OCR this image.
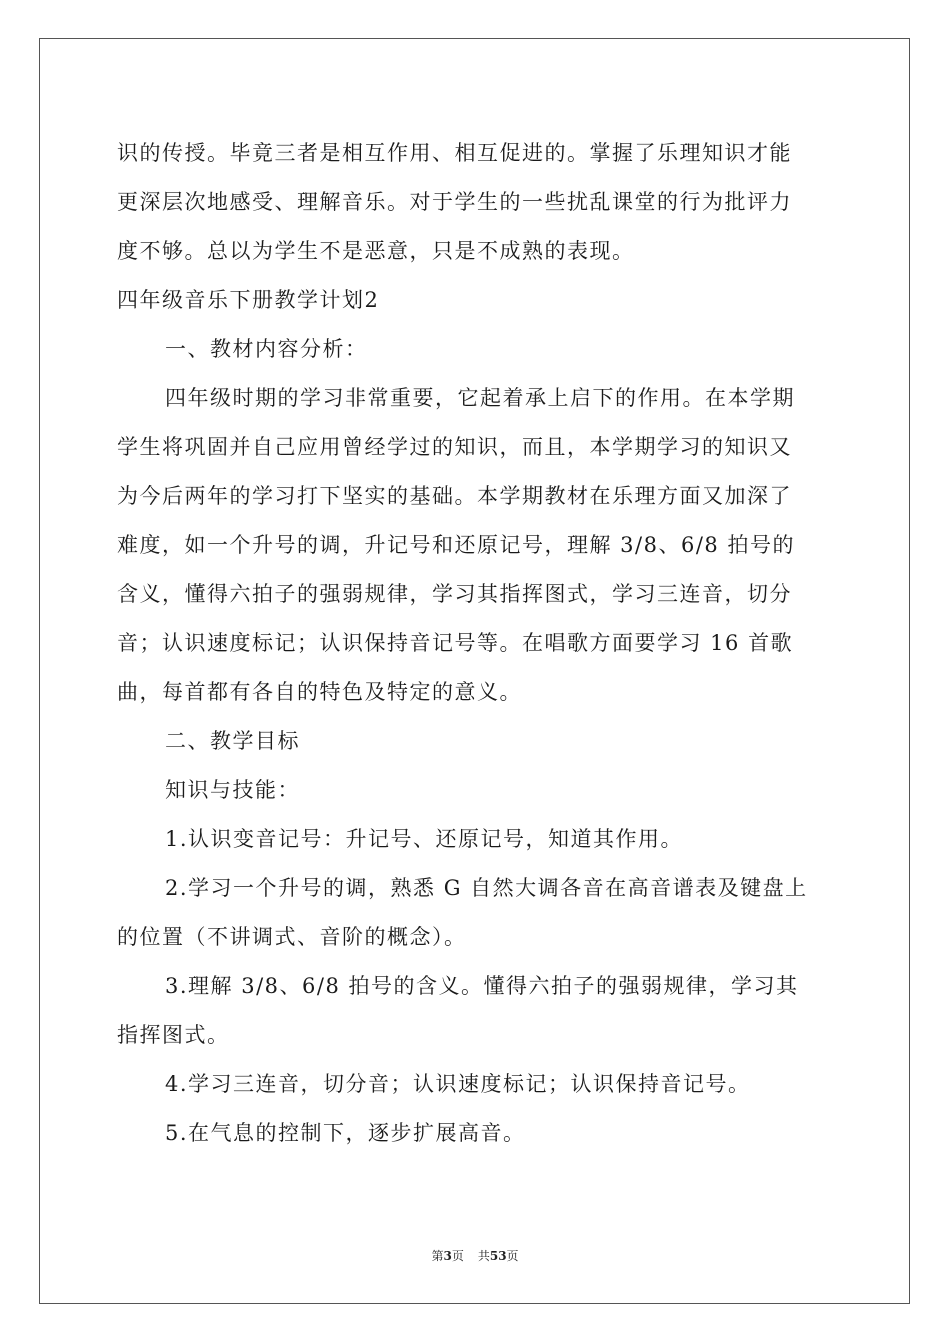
识的传授。毕竟三者是相互作用、相互促进的。掌握了乐理知识才能
更深层次地感受、理解音乐。对于学生的一些扰乱课堂的行为批评力
度不够。总以为学生不是恶意，只是不成熟的表现。
四年级音乐下册教学计划2
一、教材内容分析：
四年级时期的学习非常重要，它起着承上启下的作用。在本学期
学生将巩固并自己应用曾经学过的知识，而且，本学期学习的知识又
为今后两年的学习打下坚实的基础。本学期教材在乐理方面又加深了
难度，如一个升号的调，升记号和还原记号，理解 3/8、6/8 拍号的
含义，懂得六拍子的强弱规律，学习其指挥图式，学习三连音，切分
音；认识速度标记；认识保持音记号等。在唱歌方面要学习 16 首歌
曲，每首都有各自的特色及特定的意义。
二、教学目标
知识与技能：
1.认识变音记号：升记号、还原记号，知道其作用。
2.学习一个升号的调，熟悉 G 自然大调各音在高音谱表及键盘上
的位置（不讲调式、音阶的概念）。
3.理解 3/8、6/8 拍号的含义。懂得六拍子的强弱规律，学习其
指挥图式。
4.学习三连音，切分音；认识速度标记；认识保持音记号。
5.在气息的控制下，逐步扩展高音。
第3页 共53页
